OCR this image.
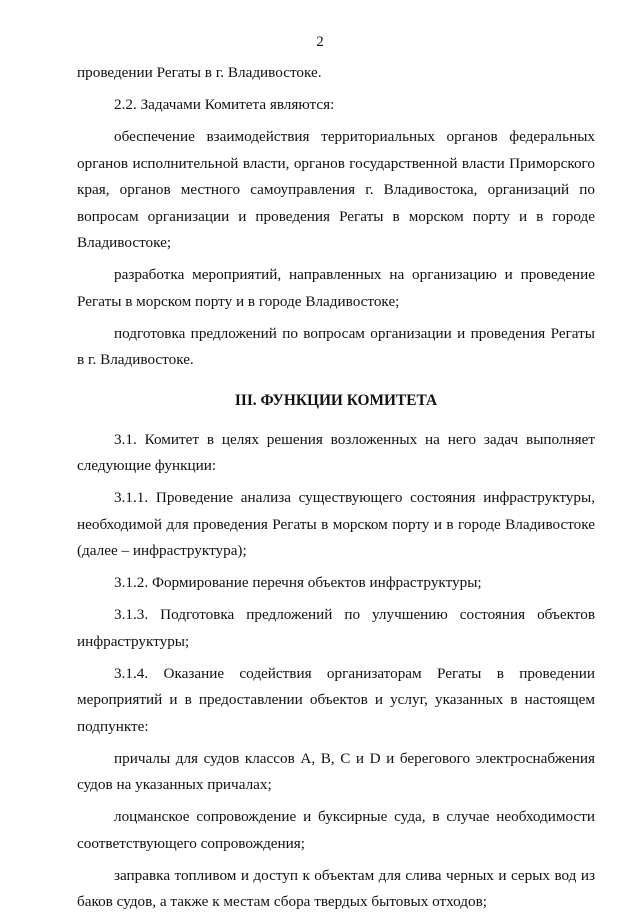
2

проведении Регаты в г. Владивостоке.

2.2. Задачами Комитета являются:

обеспечение взаимодействия территориальных органов федеральных органов исполнительной власти, органов государственной власти Приморского края, органов местного самоуправления г. Владивостока, организаций по вопросам организации и проведения Регаты в морском порту и в городе Владивостоке;

разработка мероприятий, направленных на организацию и проведение Регаты в морском порту и в городе Владивостоке;

подготовка предложений по вопросам организации и проведения Регаты в г. Владивостоке.

III. ФУНКЦИИ КОМИТЕТА

3.1. Комитет в целях решения возложенных на него задач выполняет следующие функции:

3.1.1. Проведение анализа существующего состояния инфраструктуры, необходимой для проведения Регаты в морском порту и в городе Владивостоке (далее – инфраструктура);

3.1.2. Формирование перечня объектов инфраструктуры;

3.1.3. Подготовка предложений по улучшению состояния объектов инфраструктуры;

3.1.4. Оказание содействия организаторам Регаты в проведении мероприятий и в предоставлении объектов и услуг, указанных в настоящем подпункте:

причалы для судов классов A, B, C и D и берегового электроснабжения судов на указанных причалах;

лоцманское сопровождение и буксирные суда, в случае необходимости соответствующего сопровождения;

заправка топливом и доступ к объектам для слива черных и серых вод из баков судов, а также к местам сбора твердых бытовых отходов;
